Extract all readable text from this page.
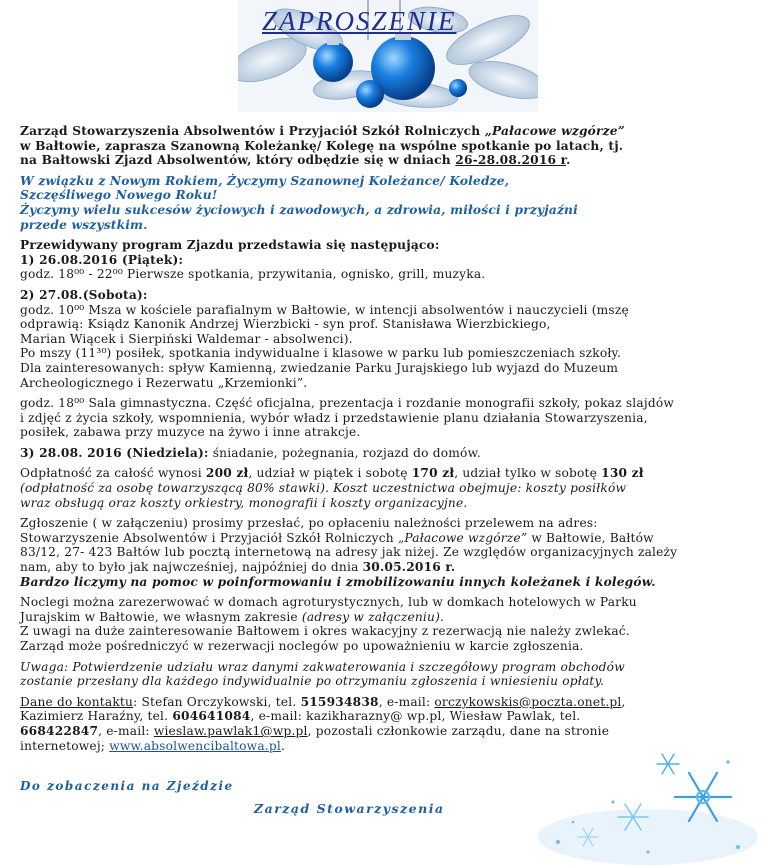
ZAPROSZENIE

Zarząd Stowarzyszenia Absolwentów i Przyjaciół Szkół Rolniczych „Pałacowe wzgórze”

w Bałtowie, zaprasza Szanowną Koleżankę/ Kolegę na wspólne spotkanie po latach, tj.

na Bałtowski Zjazd Absolwentów, który odbędzie się w dniach 26-28.08.2016 r.

W związku z Nowym Rokiem, Życzymy Szanownej Koleżance/ Koledze,

Szczęśliwego Nowego Roku!

Życzymy wielu sukcesów życiowych i zawodowych, a zdrowia, miłości i przyjaźni

przede wszystkim.

Przewidywany program Zjazdu przedstawia się następująco:

1) 26.08.2016 (Piątek):

godz. 18⁰⁰ - 22⁰⁰ Pierwsze spotkania, przywitania, ognisko, grill, muzyka.

2) 27.08.(Sobota):

godz. 10⁰⁰ Msza w kościele parafialnym w Bałtowie, w intencji absolwentów i nauczycieli (mszę

odprawią: Ksiądz Kanonik Andrzej Wierzbicki - syn prof. Stanisława Wierzbickiego,

Marian Wiącek i Sierpiński Waldemar - absolwenci).

Po mszy (11³⁰) posiłek, spotkania indywidualne i klasowe w parku lub pomieszczeniach szkoły.

Dla zainteresowanych: spływ Kamienną, zwiedzanie Parku Jurajskiego lub wyjazd do Muzeum

Archeologicznego i Rezerwatu „Krzemionki”.

godz. 18⁰⁰ Sala gimnastyczna. Część oficjalna, prezentacja i rozdanie monografii szkoły, pokaz slajdów

i zdjęć z życia szkoły, wspomnienia, wybór władz i przedstawienie planu działania Stowarzyszenia,

posiłek, zabawa przy muzyce na żywo i inne atrakcje.

3) 28.08. 2016 (Niedziela): śniadanie, pożegnania, rozjazd do domów.

Odpłatność za całość wynosi 200 zł, udział w piątek i sobotę 170 zł, udział tylko w sobotę 130 zł

(odpłatność za osobę towarzyszącą 80% stawki). Koszt uczestnictwa obejmuje: koszty posiłków

wraz obsługą oraz koszty orkiestry, monografii i koszty organizacyjne.

Zgłoszenie ( w załączeniu) prosimy przesłać, po opłaceniu należności przelewem na adres:

Stowarzyszenie Absolwentów i Przyjaciół Szkół Rolniczych „Pałacowe wzgórze” w Bałtowie, Bałtów

83/12, 27- 423 Bałtów lub pocztą internetową na adresy jak niżej. Ze względów organizacyjnych zależy

nam, aby to było jak najwcześniej, najpóźniej do dnia 30.05.2016 r.

Bardzo liczymy na pomoc w poinformowaniu i zmobilizowaniu innych koleżanek i kolegów.

Noclegi można zarezerwować w domach agroturystycznych, lub w domkach hotelowych w Parku

Jurajskim w Bałtowie, we własnym zakresie (adresy w załączeniu).

Z uwagi na duże zainteresowanie Bałtowem i okres wakacyjny z rezerwacją nie należy zwlekać.

Zarząd może pośredniczyć w rezerwacji noclegów po upoważnieniu w karcie zgłoszenia.

Uwaga: Potwierdzenie udziału wraz danymi zakwaterowania i szczegółowy program obchodów

zostanie przesłany dla każdego indywidualnie po otrzymaniu zgłoszenia i wniesieniu opłaty.

Dane do kontaktu: Stefan Orczykowski, tel. 515934838, e-mail: orczykowskis@poczta.onet.pl,

Kazimierz Haraźny, tel. 604641084, e-mail: kazikharazny@ wp.pl, Wiesław Pawlak, tel.

668422847, e-mail: wieslaw.pawlak1@wp.pl, pozostali członkowie zarządu, dane na stronie

internetowej; www.absolwencibaltowa.pl.

Do zobaczenia na Zjeździe
Zarząd Stowarzyszenia
